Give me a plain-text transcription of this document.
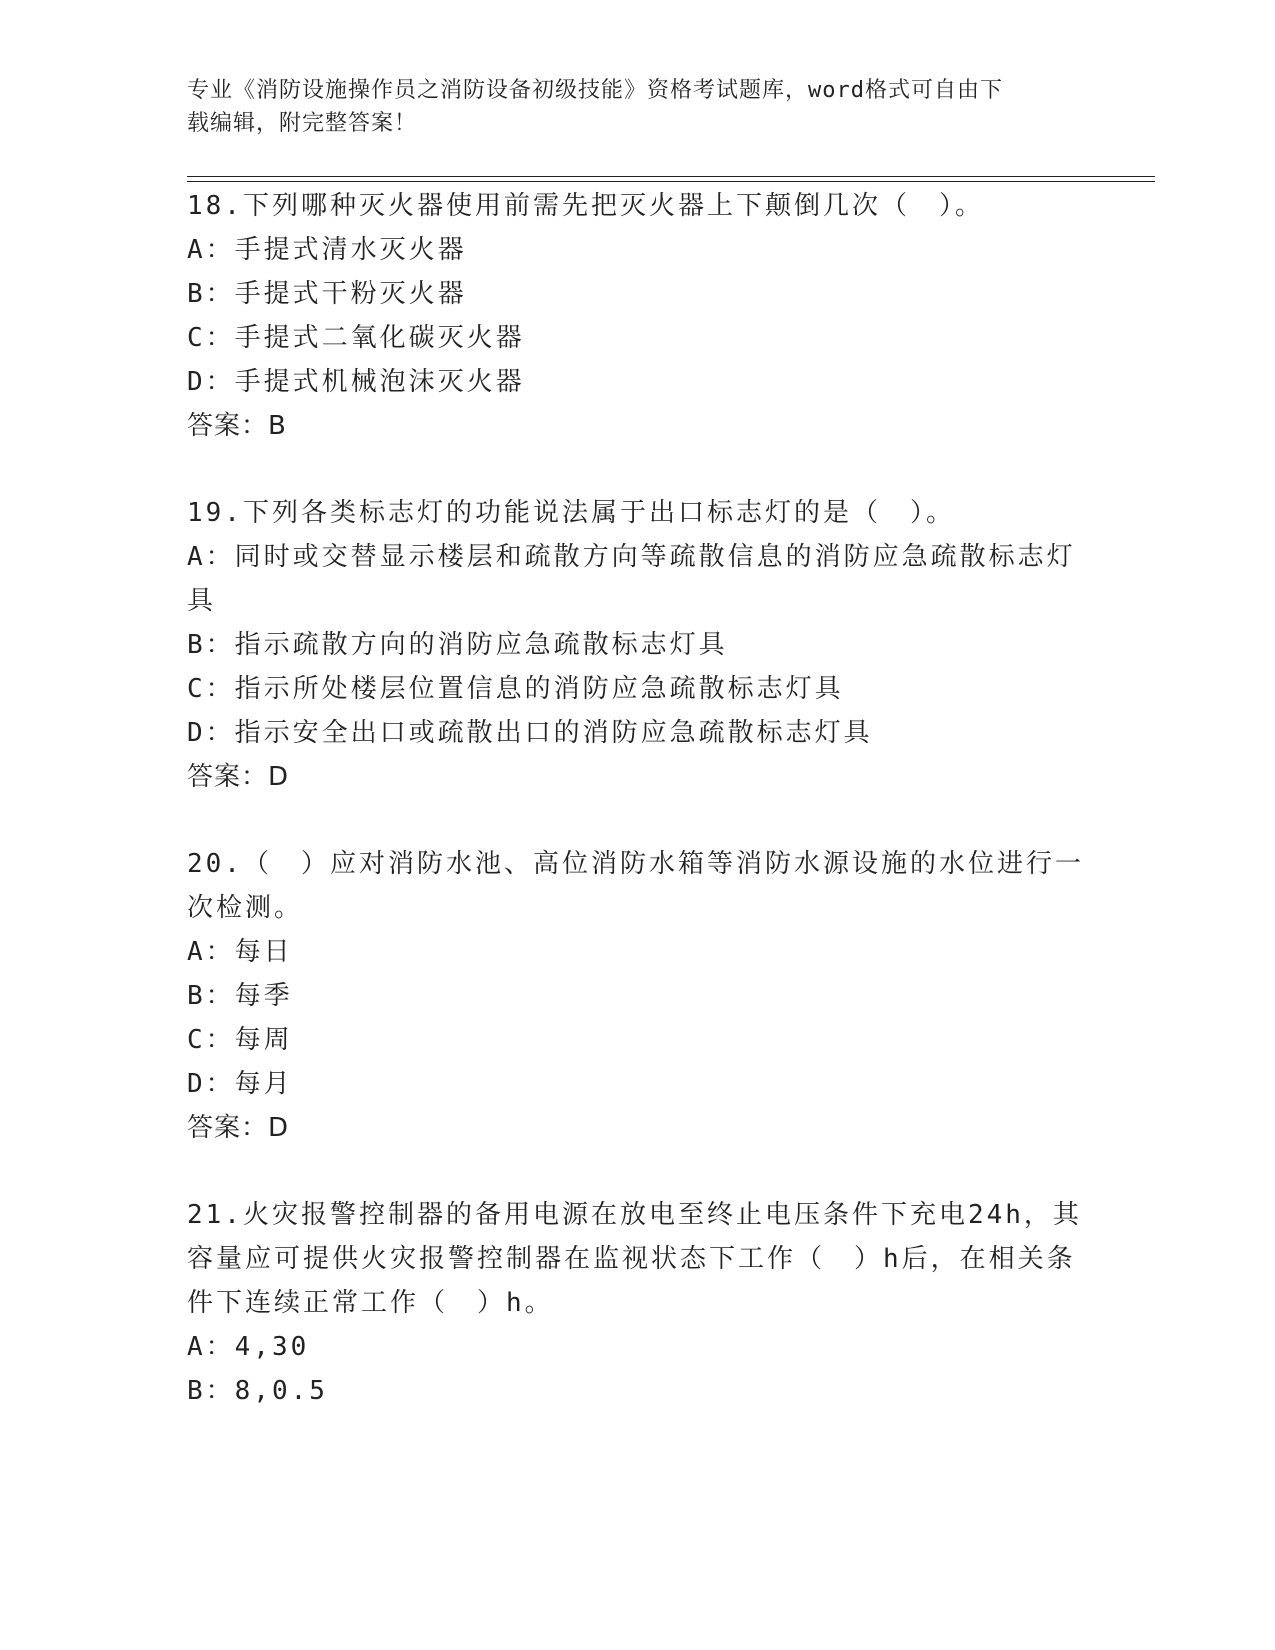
专业《消防设施操作员之消防设备初级技能》资格考试题库，word格式可自由下
载编辑，附完整答案！
18.下列哪种灭火器使用前需先把灭火器上下颠倒几次（　）。
A：手提式清水灭火器
B：手提式干粉灭火器
C：手提式二氧化碳灭火器
D：手提式机械泡沫灭火器
答案：B
19.下列各类标志灯的功能说法属于出口标志灯的是（　）。
A：同时或交替显示楼层和疏散方向等疏散信息的消防应急疏散标志灯
具
B：指示疏散方向的消防应急疏散标志灯具
C：指示所处楼层位置信息的消防应急疏散标志灯具
D：指示安全出口或疏散出口的消防应急疏散标志灯具
答案：D
20.（　）应对消防水池、高位消防水箱等消防水源设施的水位进行一
次检测。
A：每日
B：每季
C：每周
D：每月
答案：D
21.火灾报警控制器的备用电源在放电至终止电压条件下充电24h，其
容量应可提供火灾报警控制器在监视状态下工作（　）h后，在相关条
件下连续正常工作（　）h。
A：4,30
B：8,0.5
